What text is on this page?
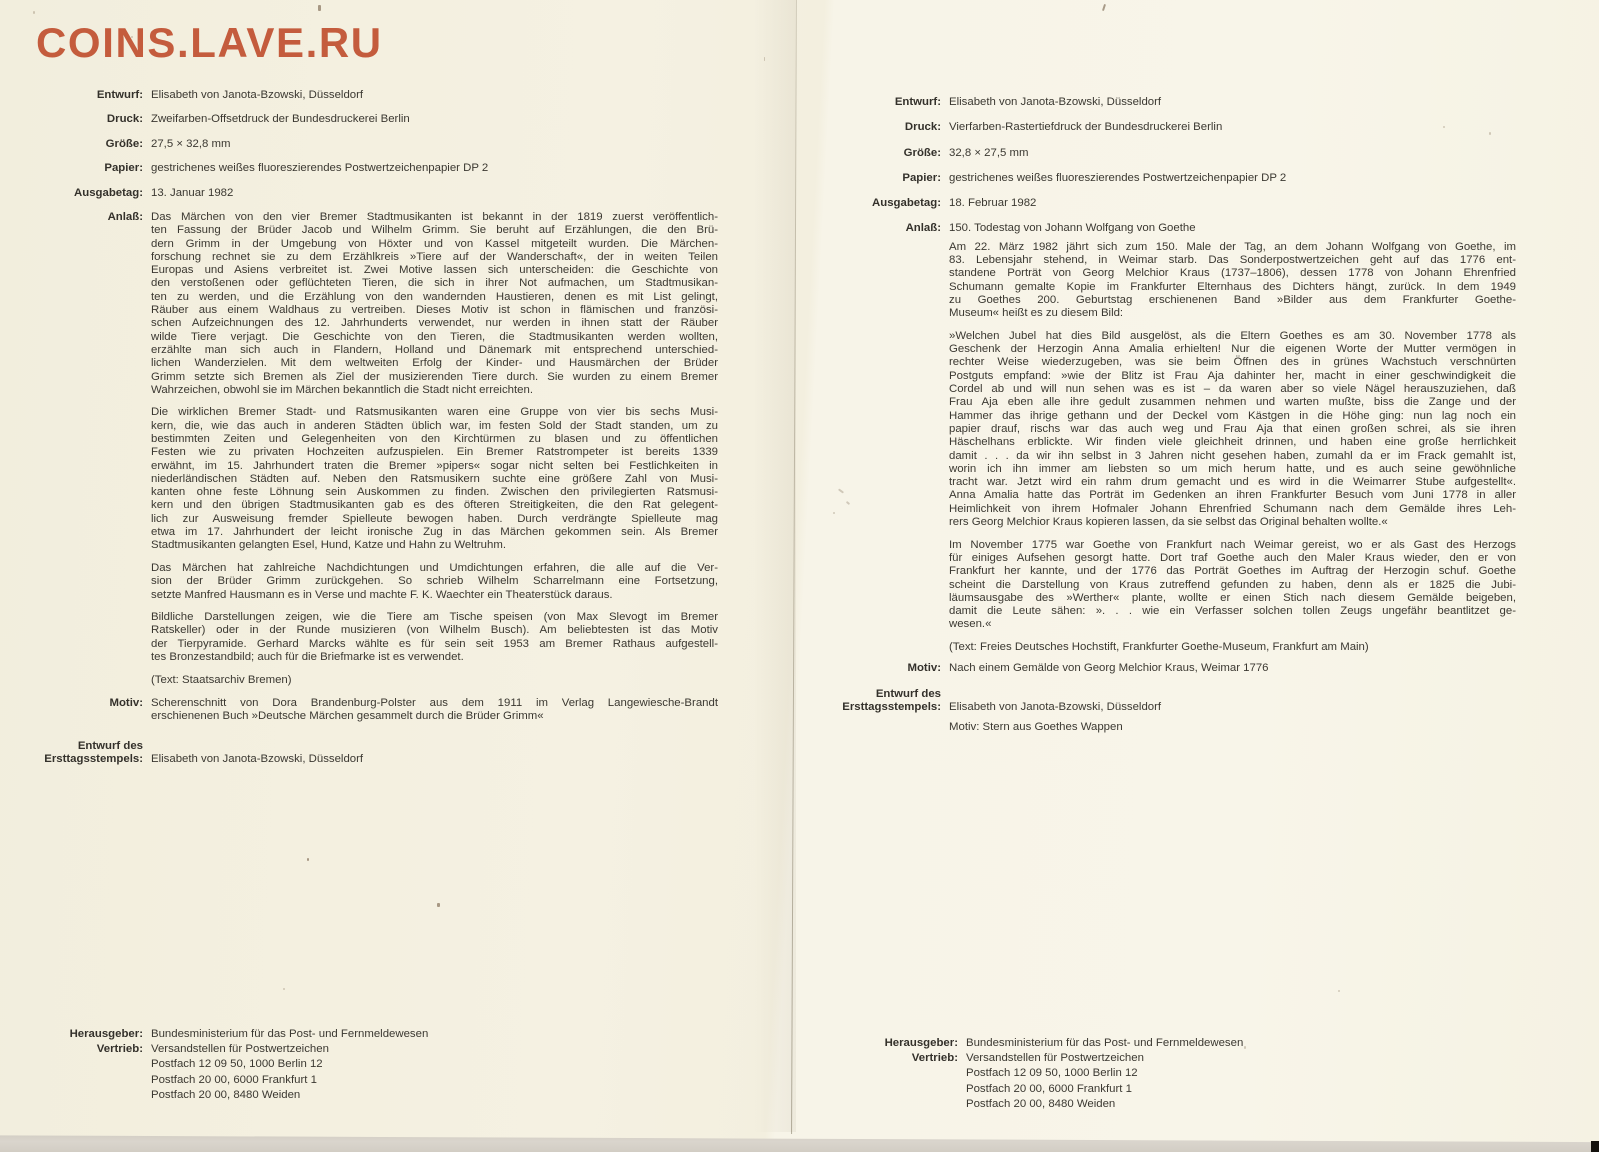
COINS.LAVE.RU
Entwurf: Elisabeth von Janota-Bzowski, Düsseldorf
Druck: Zweifarben-Offsetdruck der Bundesdruckerei Berlin
Größe: 27,5 × 32,8 mm
Papier: gestrichenes weißes fluoreszierendes Postwertzeichenpapier DP 2
Ausgabetag: 13. Januar 1982
Anlaß: Das Märchen von den vier Bremer Stadtmusikanten ist bekannt in der 1819 zuerst veröffentlich-
ten Fassung der Brüder Jacob und Wilhelm Grimm. Sie beruht auf Erzählungen, die den Brü-
dern Grimm in der Umgebung von Höxter und von Kassel mitgeteilt wurden. Die Märchen-
forschung rechnet sie zu dem Erzählkreis »Tiere auf der Wanderschaft«, der in weiten Teilen
Europas und Asiens verbreitet ist. Zwei Motive lassen sich unterscheiden: die Geschichte von
den verstoßenen oder geflüchteten Tieren, die sich in ihrer Not aufmachen, um Stadtmusikan-
ten zu werden, und die Erzählung von den wandernden Haustieren, denen es mit List gelingt,
Räuber aus einem Waldhaus zu vertreiben. Dieses Motiv ist schon in flämischen und französi-
schen Aufzeichnungen des 12. Jahrhunderts verwendet, nur werden in ihnen statt der Räuber
wilde Tiere verjagt. Die Geschichte von den Tieren, die Stadtmusikanten werden wollten,
erzählte man sich auch in Flandern, Holland und Dänemark mit entsprechend unterschied-
lichen Wanderzielen. Mit dem weltweiten Erfolg der Kinder- und Hausmärchen der Brüder
Grimm setzte sich Bremen als Ziel der musizierenden Tiere durch. Sie wurden zu einem Bremer
Wahrzeichen, obwohl sie im Märchen bekanntlich die Stadt nicht erreichten.
Die wirklichen Bremer Stadt- und Ratsmusikanten waren eine Gruppe von vier bis sechs Musi-
kern, die, wie das auch in anderen Städten üblich war, im festen Sold der Stadt standen, um zu
bestimmten Zeiten und Gelegenheiten von den Kirchtürmen zu blasen und zu öffentlichen
Festen wie zu privaten Hochzeiten aufzuspielen. Ein Bremer Ratstrompeter ist bereits 1339
erwähnt, im 15. Jahrhundert traten die Bremer »pipers« sogar nicht selten bei Festlichkeiten in
niederländischen Städten auf. Neben den Ratsmusikern suchte eine größere Zahl von Musi-
kanten ohne feste Löhnung sein Auskommen zu finden. Zwischen den privilegierten Ratsmusi-
kern und den übrigen Stadtmusikanten gab es des öfteren Streitigkeiten, die den Rat gelegent-
lich zur Ausweisung fremder Spielleute bewogen haben. Durch verdrängte Spielleute mag
etwa im 17. Jahrhundert der leicht ironische Zug in das Märchen gekommen sein. Als Bremer
Stadtmusikanten gelangten Esel, Hund, Katze und Hahn zu Weltruhm.
Das Märchen hat zahlreiche Nachdichtungen und Umdichtungen erfahren, die alle auf die Ver-
sion der Brüder Grimm zurückgehen. So schrieb Wilhelm Scharrelmann eine Fortsetzung,
setzte Manfred Hausmann es in Verse und machte F. K. Waechter ein Theaterstück daraus.
Bildliche Darstellungen zeigen, wie die Tiere am Tische speisen (von Max Slevogt im Bremer
Ratskeller) oder in der Runde musizieren (von Wilhelm Busch). Am beliebtesten ist das Motiv
der Tierpyramide. Gerhard Marcks wählte es für sein seit 1953 am Bremer Rathaus aufgestell-
tes Bronzestandbild; auch für die Briefmarke ist es verwendet.
(Text: Staatsarchiv Bremen)
Motiv: Scherenschnitt von Dora Brandenburg-Polster aus dem 1911 im Verlag Langewiesche-Brandt
erschienenen Buch »Deutsche Märchen gesammelt durch die Brüder Grimm«
Entwurf des
Ersttagsstempels: Elisabeth von Janota-Bzowski, Düsseldorf
Herausgeber:
Vertrieb:
Bundesministerium für das Post- und Fernmeldewesen
Versandstellen für Postwertzeichen
Postfach 12 09 50, 1000 Berlin 12
Postfach 20 00, 6000 Frankfurt 1
Postfach 20 00, 8480 Weiden
Entwurf: Elisabeth von Janota-Bzowski, Düsseldorf
Druck: Vierfarben-Rastertiefdruck der Bundesdruckerei Berlin
Größe: 32,8 × 27,5 mm
Papier: gestrichenes weißes fluoreszierendes Postwertzeichenpapier DP 2
Ausgabetag: 18. Februar 1982
Anlaß: 150. Todestag von Johann Wolfgang von Goethe
Am 22. März 1982 jährt sich zum 150. Male der Tag, an dem Johann Wolfgang von Goethe, im
83. Lebensjahr stehend, in Weimar starb. Das Sonderpostwertzeichen geht auf das 1776 ent-
standene Porträt von Georg Melchior Kraus (1737–1806), dessen 1778 von Johann Ehrenfried
Schumann gemalte Kopie im Frankfurter Elternhaus des Dichters hängt, zurück. In dem 1949
zu Goethes 200. Geburtstag erschienenen Band »Bilder aus dem Frankfurter Goethe-
Museum« heißt es zu diesem Bild:
»Welchen Jubel hat dies Bild ausgelöst, als die Eltern Goethes es am 30. November 1778 als
Geschenk der Herzogin Anna Amalia erhielten! Nur die eigenen Worte der Mutter vermögen in
rechter Weise wiederzugeben, was sie beim Öffnen des in grünes Wachstuch verschnürten
Postguts empfand: »wie der Blitz ist Frau Aja dahinter her, macht in einer geschwindigkeit die
Cordel ab und will nun sehen was es ist – da waren aber so viele Nägel herauszuziehen, daß
Frau Aja eben alle ihre gedult zusammen nehmen und warten mußte, biss die Zange und der
Hammer das ihrige gethann und der Deckel vom Kästgen in die Höhe ging: nun lag noch ein
papier drauf, rischs war das auch weg und Frau Aja that einen großen schrei, als sie ihren
Häschelhans erblickte. Wir finden viele gleichheit drinnen, und haben eine große herrlichkeit
damit . . . da wir ihn selbst in 3 Jahren nicht gesehen haben, zumahl da er im Frack gemahlt ist,
worin ich ihn immer am liebsten so um mich herum hatte, und es auch seine gewöhnliche
tracht war. Jetzt wird ein rahm drum gemacht und es wird in die Weimarrer Stube aufgestellt«.
Anna Amalia hatte das Porträt im Gedenken an ihren Frankfurter Besuch vom Juni 1778 in aller
Heimlichkeit von ihrem Hofmaler Johann Ehrenfried Schumann nach dem Gemälde ihres Leh-
rers Georg Melchior Kraus kopieren lassen, da sie selbst das Original behalten wollte.«
Im November 1775 war Goethe von Frankfurt nach Weimar gereist, wo er als Gast des Herzogs
für einiges Aufsehen gesorgt hatte. Dort traf Goethe auch den Maler Kraus wieder, den er von
Frankfurt her kannte, und der 1776 das Porträt Goethes im Auftrag der Herzogin schuf. Goethe
scheint die Darstellung von Kraus zutreffend gefunden zu haben, denn als er 1825 die Jubi-
läumsausgabe des »Werther« plante, wollte er einen Stich nach diesem Gemälde beigeben,
damit die Leute sähen: ». . . wie ein Verfasser solchen tollen Zeugs ungefähr beantlitzet ge-
wesen.«
(Text: Freies Deutsches Hochstift, Frankfurter Goethe-Museum, Frankfurt am Main)
Motiv: Nach einem Gemälde von Georg Melchior Kraus, Weimar 1776
Entwurf des
Ersttagsstempels: Elisabeth von Janota-Bzowski, Düsseldorf
Motiv: Stern aus Goethes Wappen
Herausgeber:
Vertrieb:
Bundesministerium für das Post- und Fernmeldewesen
Versandstellen für Postwertzeichen
Postfach 12 09 50, 1000 Berlin 12
Postfach 20 00, 6000 Frankfurt 1
Postfach 20 00, 8480 Weiden
